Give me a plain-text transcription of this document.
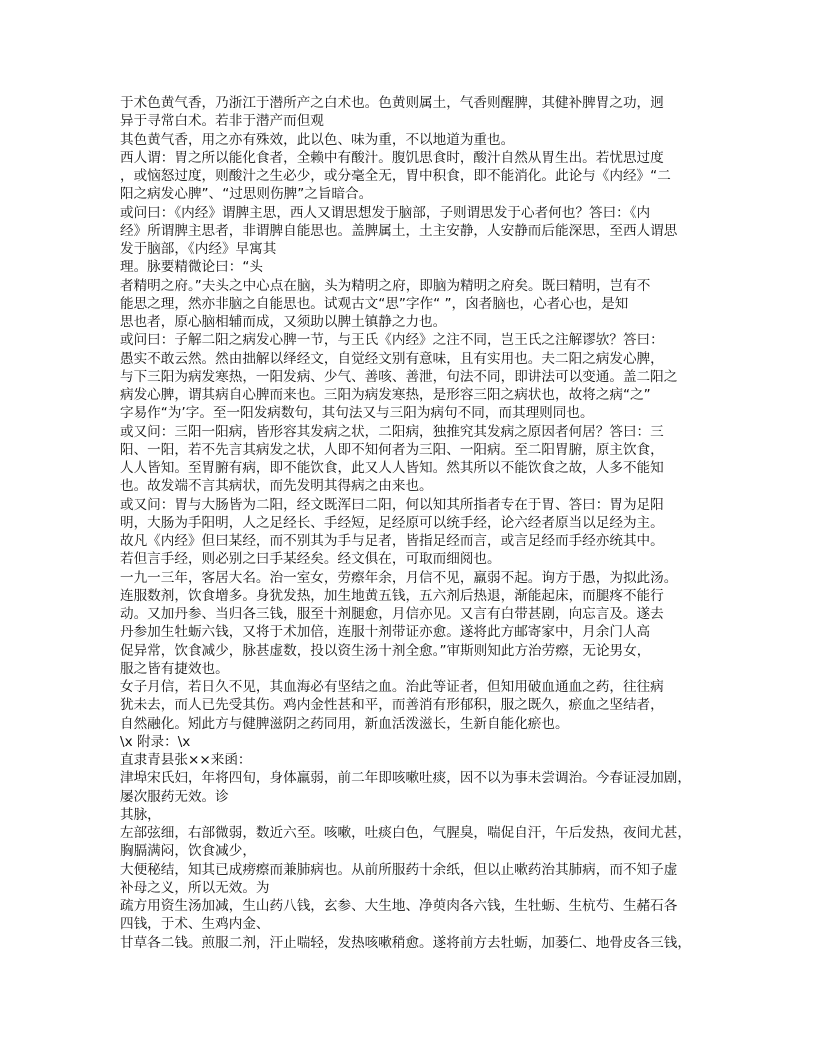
于术色黄气香，乃浙江于潜所产之白术也。色黄则属土，气香则醒脾，其健补脾胃之功，迥
异于寻常白术。若非于潜产而但观
其色黄气香，用之亦有殊效，此以色、味为重，不以地道为重也。
西人谓：胃之所以能化食者，全赖中有酸汁。腹饥思食时，酸汁自然从胃生出。若忧思过度
，或恼怒过度，则酸汁之生必少，或分毫全无，胃中积食，即不能消化。此论与《内经》“二
阳之病发心脾”、“过思则伤脾”之旨暗合。
或问曰：《内经》谓脾主思，西人又谓思想发于脑部，子则谓思发于心者何也？答曰：《内
经》所谓脾主思者，非谓脾自能思也。盖脾属土，土主安静，人安静而后能深思，至西人谓思
发于脑部，《内经》早寓其
理。脉要精微论曰：“头
者精明之府。”夫头之中心点在脑，头为精明之府，即脑为精明之府矣。既曰精明，岂有不
能思之理，然亦非脑之自能思也。试观古文“思”字作“ ”，囟者脑也，心者心也，是知
思也者，原心脑相辅而成，又须助以脾土镇静之力也。
或问曰：子解二阳之病发心脾一节，与王氏《内经》之注不同，岂王氏之注解谬欤？答曰：
愚实不敢云然。然由拙解以绎经文，自觉经文别有意味，且有实用也。夫二阳之病发心脾，
与下三阳为病发寒热，一阳发病、少气、善咳、善泄，句法不同，即讲法可以变通。盖二阳之
病发心脾，谓其病自心脾而来也。三阳为病发寒热，是形容三阳之病状也，故将之病“之”
字易作“为’字。至一阳发病数句，其句法又与三阳为病句不同，而其理则同也。
或又问：三阳一阳病，皆形容其发病之状，二阳病，独推究其发病之原因者何居？答曰：三
阳、一阳，若不先言其病发之状，人即不知何者为三阳、一阳病。至二阳胃腑，原主饮食，
人人皆知。至胃腑有病，即不能饮食，此又人人皆知。然其所以不能饮食之故，人多不能知
也。故发端不言其病状，而先发明其得病之由来也。
或又问：胃与大肠皆为二阳，经文既浑曰二阳，何以知其所指者专在于胃、答曰：胃为足阳
明，大肠为手阳明，人之足经长、手经短，足经原可以统手经，论六经者原当以足经为主。
故凡《内经》但曰某经，而不别其为手与足者，皆指足经而言，或言足经而手经亦统其中。
若但言手经，则必别之曰手某经矣。经文俱在，可取而细阅也。
一九一三年，客居大名。治一室女，劳瘵年余，月信不见，羸弱不起。询方于愚，为拟此汤。
连服数剂，饮食增多。身犹发热，加生地黄五钱，五六剂后热退，渐能起床，而腿疼不能行
动。又加丹参、当归各三钱，服至十剂腿愈，月信亦见。又言有白带甚剧，向忘言及。遂去
丹参加生牡蛎六钱，又将于术加倍，连服十剂带证亦愈。遂将此方邮寄家中，月余门人高
促异常，饮食减少，脉甚虚数，投以资生汤十剂全愈。”审斯则知此方治劳瘵，无论男女，
服之皆有捷效也。
女子月信，若日久不见，其血海必有坚结之血。治此等证者，但知用破血通血之药，往往病
犹未去，而人已先受其伤。鸡内金性甚和平，而善消有形郁积，服之既久，瘀血之坚结者，
自然融化。矧此方与健脾滋阴之药同用，新血活泼滋长，生新自能化瘀也。
\x 附录：\x
直隶青县张××来函：
津埠宋氏妇，年将四旬，身体羸弱，前二年即咳嗽吐痰，因不以为事未尝调治。今春证浸加剧，
屡次服药无效。诊
其脉，
左部弦细，右部微弱，数近六至。咳嗽，吐痰白色，气腥臭，喘促自汗，午后发热，夜间尤甚，
胸膈满闷，饮食减少，
大便秘结，知其已成痨瘵而兼肺病也。从前所服药十余纸，但以止嗽药治其肺病，而不知子虚
补母之义，所以无效。为
疏方用资生汤加减，生山药八钱，玄参、大生地、净萸肉各六钱，生牡蛎、生杭芍、生赭石各
四钱，于术、生鸡内金、
甘草各二钱。煎服二剂，汗止喘轻，发热咳嗽稍愈。遂将前方去牡蛎，加蒌仁、地骨皮各三钱，
